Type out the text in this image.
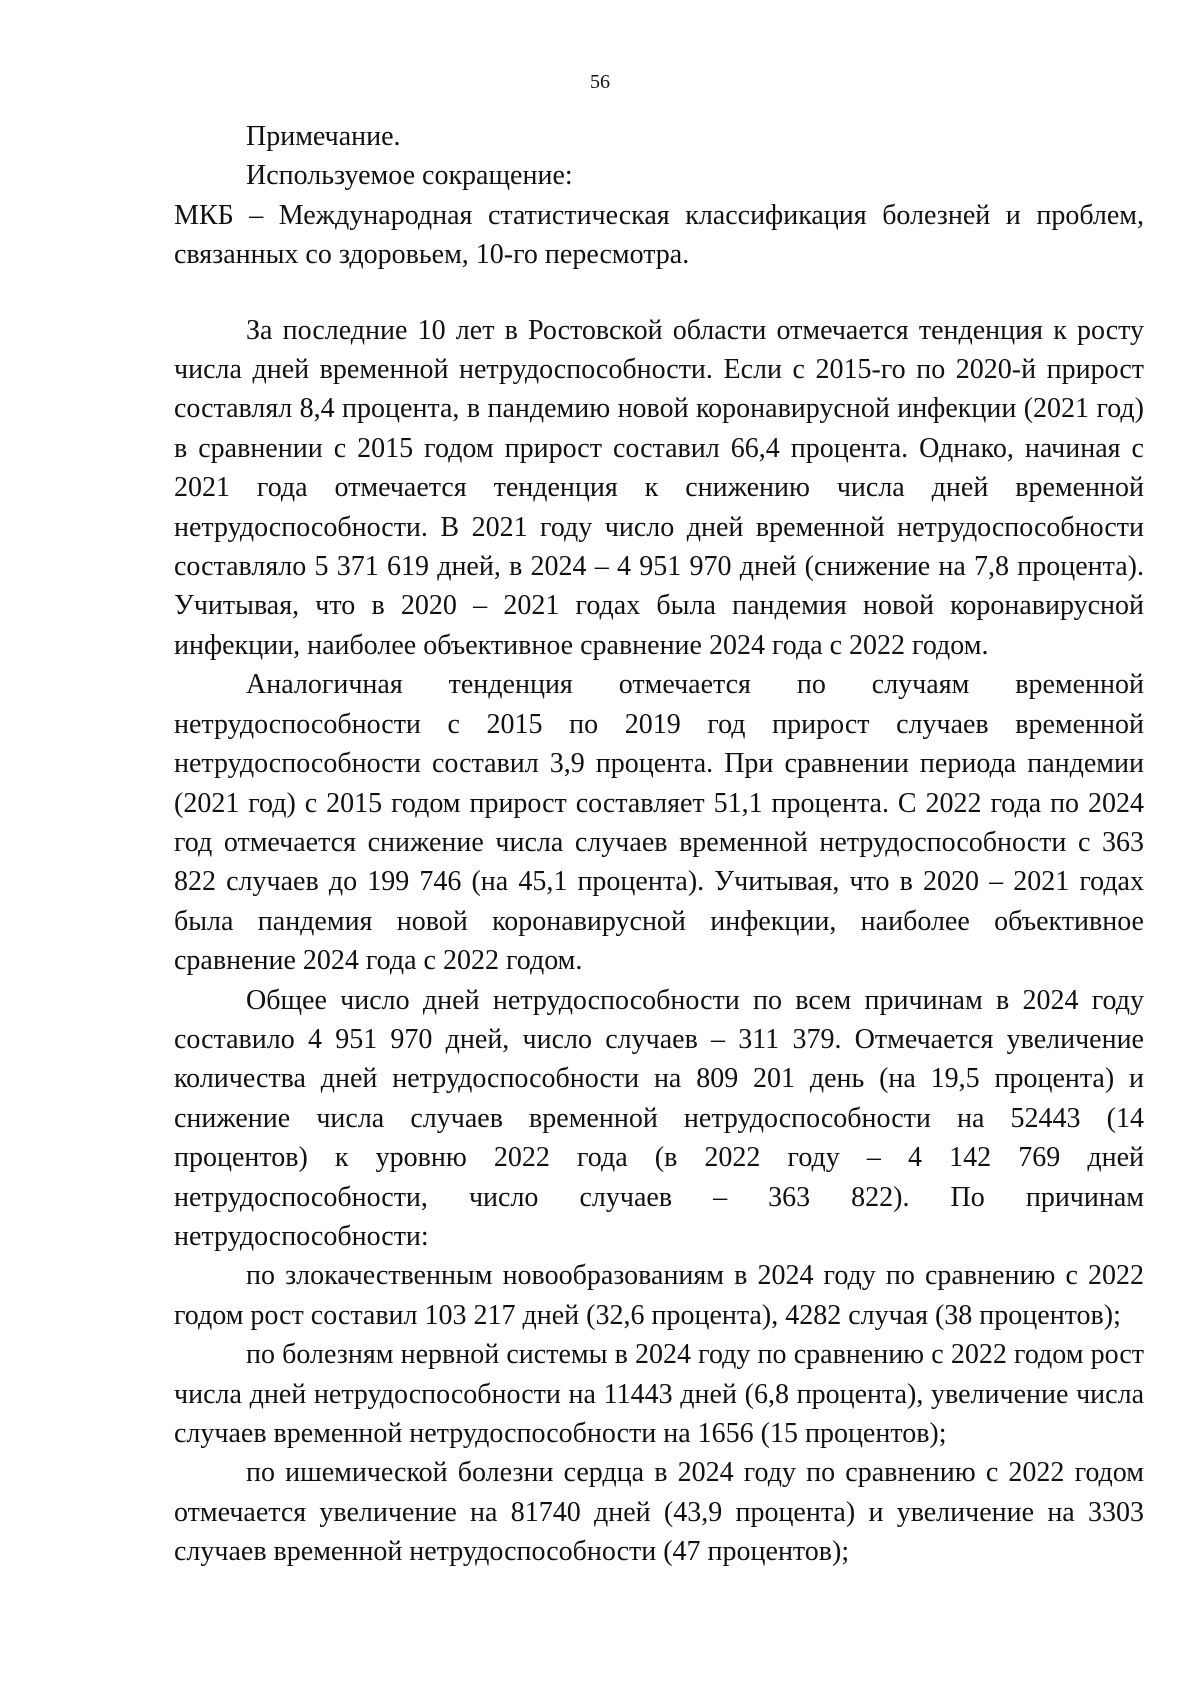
56

Примечание.

Используемое сокращение:

МКБ – Международная статистическая классификация болезней и проблем, связанных со здоровьем, 10-го пересмотра.

За последние 10 лет в Ростовской области отмечается тенденция к росту числа дней временной нетрудоспособности. Если с 2015-го по 2020-й прирост составлял 8,4 процента, в пандемию новой коронавирусной инфекции (2021 год) в сравнении с 2015 годом прирост составил 66,4 процента. Однако, начиная с 2021 года отмечается тенденция к снижению числа дней временной нетрудоспособности. В 2021 году число дней временной нетрудоспособности составляло 5 371 619 дней, в 2024 – 4 951 970 дней (снижение на 7,8 процента). Учитывая, что в 2020 – 2021 годах была пандемия новой коронавирусной инфекции, наиболее объективное сравнение 2024 года с 2022 годом.

Аналогичная тенденция отмечается по случаям временной нетрудоспособности с 2015 по 2019 год прирост случаев временной нетрудоспособности составил 3,9 процента. При сравнении периода пандемии (2021 год) с 2015 годом прирост составляет 51,1 процента. С 2022 года по 2024 год отмечается снижение числа случаев временной нетрудоспособности с 363 822 случаев до 199 746 (на 45,1 процента). Учитывая, что в 2020 – 2021 годах была пандемия новой коронавирусной инфекции, наиболее объективное сравнение 2024 года с 2022 годом.

Общее число дней нетрудоспособности по всем причинам в 2024 году составило 4 951 970 дней, число случаев – 311 379. Отмечается увеличение количества дней нетрудоспособности на 809 201 день (на 19,5 процента) и снижение числа случаев временной нетрудоспособности на 52443 (14 процентов) к уровню 2022 года (в 2022 году – 4 142 769 дней нетрудоспособности, число случаев – 363 822). По причинам нетрудоспособности:

по злокачественным новообразованиям в 2024 году по сравнению с 2022 годом рост составил 103 217 дней (32,6 процента), 4282 случая (38 процентов);

по болезням нервной системы в 2024 году по сравнению с 2022 годом рост числа дней нетрудоспособности на 11443 дней (6,8 процента), увеличение числа случаев временной нетрудоспособности на 1656 (15 процентов);

по ишемической болезни сердца в 2024 году по сравнению с 2022 годом отмечается увеличение на 81740 дней (43,9 процента) и увеличение на 3303 случаев временной нетрудоспособности (47 процентов);
